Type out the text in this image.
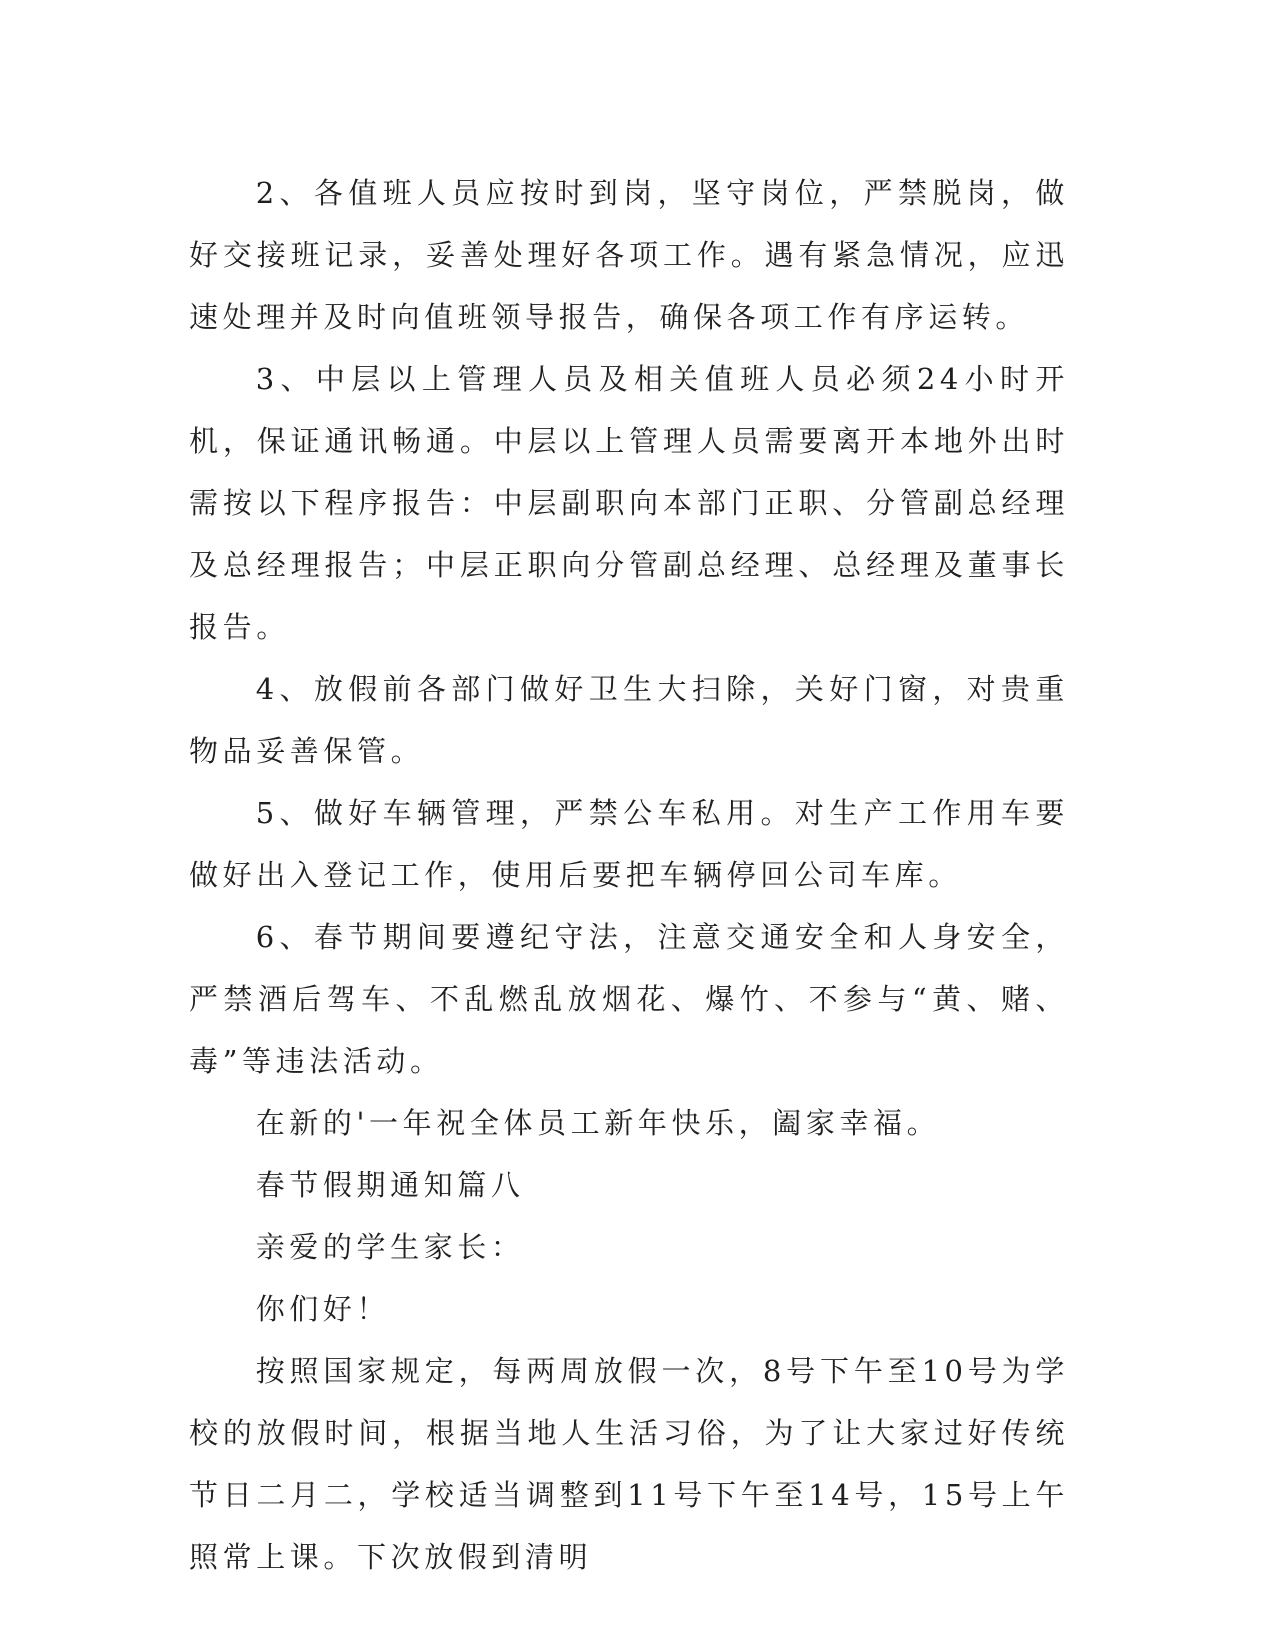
2、各值班人员应按时到岗，坚守岗位，严禁脱岗，做好交接班记录，妥善处理好各项工作。遇有紧急情况，应迅速处理并及时向值班领导报告，确保各项工作有序运转。

3、中层以上管理人员及相关值班人员必须24小时开机，保证通讯畅通。中层以上管理人员需要离开本地外出时需按以下程序报告：中层副职向本部门正职、分管副总经理及总经理报告；中层正职向分管副总经理、总经理及董事长报告。

4、放假前各部门做好卫生大扫除，关好门窗，对贵重物品妥善保管。

5、做好车辆管理，严禁公车私用。对生产工作用车要做好出入登记工作，使用后要把车辆停回公司车库。

6、春节期间要遵纪守法，注意交通安全和人身安全，严禁酒后驾车、不乱燃乱放烟花、爆竹、不参与“黄、赌、毒”等违法活动。

在新的'一年祝全体员工新年快乐，阖家幸福。

春节假期通知篇八

亲爱的学生家长：

你们好！

按照国家规定，每两周放假一次，8号下午至10号为学校的放假时间，根据当地人生活习俗，为了让大家过好传统节日二月二，学校适当调整到11号下午至14号，15号上午照常上课。下次放假到清明
